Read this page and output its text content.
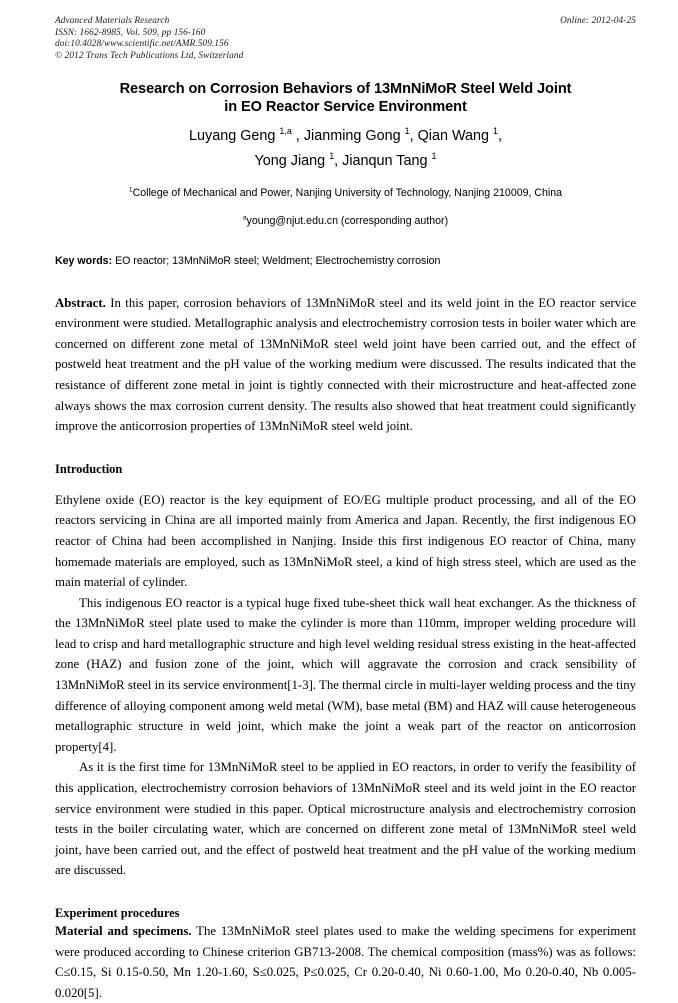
Advanced Materials Research
ISSN: 1662-8985, Vol. 509, pp 156-160
doi:10.4028/www.scientific.net/AMR.509.156
© 2012 Trans Tech Publications Ltd, Switzerland
Online: 2012-04-25
Research on Corrosion Behaviors of 13MnNiMoR Steel Weld Joint
in EO Reactor Service Environment
Luyang Geng $^{1,a}$ , Jianming Gong $^1$, Qian Wang $^1$,
Yong Jiang $^1$, Jianqun Tang $^1$
$^1$College of Mechanical and Power, Nanjing University of Technology, Nanjing 210009, China
$^a$young@njut.edu.cn (corresponding author)
Key words: EO reactor; 13MnNiMoR steel; Weldment; Electrochemistry corrosion
Abstract. In this paper, corrosion behaviors of 13MnNiMoR steel and its weld joint in the EO reactor service environment were studied. Metallographic analysis and electrochemistry corrosion tests in boiler water which are concerned on different zone metal of 13MnNiMoR steel weld joint have been carried out, and the effect of postweld heat treatment and the pH value of the working medium were discussed. The results indicated that the resistance of different zone metal in joint is tightly connected with their microstructure and heat-affected zone always shows the max corrosion current density. The results also showed that heat treatment could significantly improve the anticorrosion properties of 13MnNiMoR steel weld joint.
Introduction

Ethylene oxide (EO) reactor is the key equipment of EO/EG multiple product processing, and all of the EO reactors servicing in China are all imported mainly from America and Japan. Recently, the first indigenous EO reactor of China had been accomplished in Nanjing. Inside this first indigenous EO reactor of China, many homemade materials are employed, such as 13MnNiMoR steel, a kind of high stress steel, which are used as the main material of cylinder.

This indigenous EO reactor is a typical huge fixed tube-sheet thick wall heat exchanger. As the thickness of the 13MnNiMoR steel plate used to make the cylinder is more than 110mm, improper welding procedure will lead to crisp and hard metallographic structure and high level welding residual stress existing in the heat-affected zone (HAZ) and fusion zone of the joint, which will aggravate the corrosion and crack sensibility of 13MnNiMoR steel in its service environment[1-3]. The thermal circle in multi-layer welding process and the tiny difference of alloying component among weld metal (WM), base metal (BM) and HAZ will cause heterogeneous metallographic structure in weld joint, which make the joint a weak part of the reactor on anticorrosion property[4].

As it is the first time for 13MnNiMoR steel to be applied in EO reactors, in order to verify the feasibility of this application, electrochemistry corrosion behaviors of 13MnNiMoR steel and its weld joint in the EO reactor service environment were studied in this paper. Optical microstructure analysis and electrochemistry corrosion tests in the boiler circulating water, which are concerned on different zone metal of 13MnNiMoR steel weld joint, have been carried out, and the effect of postweld heat treatment and the pH value of the working medium are discussed.

Experiment procedures

Material and specimens. The 13MnNiMoR steel plates used to make the welding specimens for experiment were produced according to Chinese criterion GB713-2008. The chemical composition (mass%) was as follows: C≤0.15, Si 0.15-0.50, Mn 1.20-1.60, S≤0.025, P≤0.025, Cr 0.20-0.40, Ni 0.60-1.00, Mo 0.20-0.40, Nb 0.005-0.020[5].
